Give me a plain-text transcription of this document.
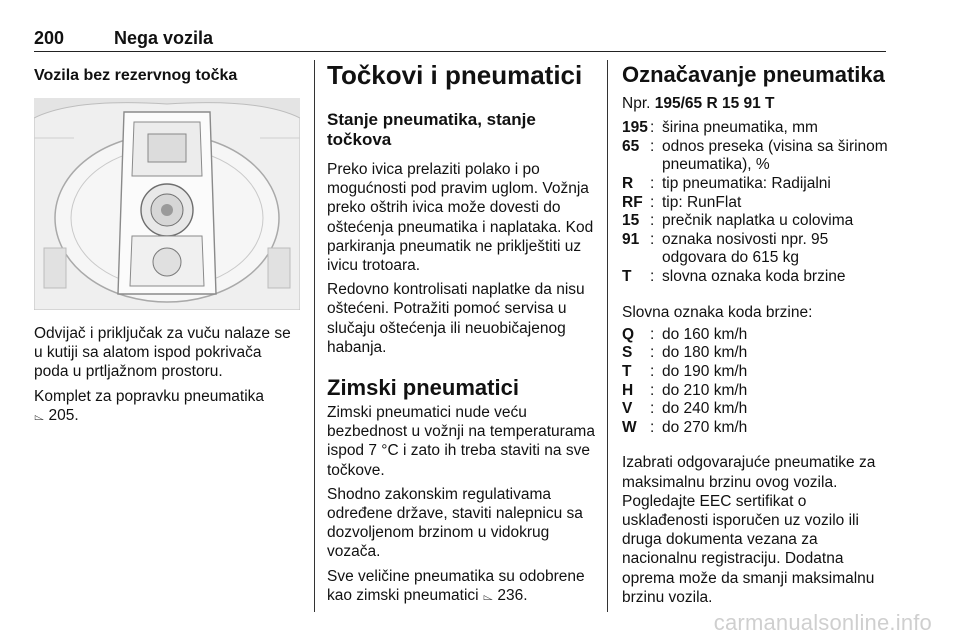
200	Nega vozila
Vozila bez rezervnog točka

Odvijač i priključak za vuču nalaze se u kutiji sa alatom ispod pokrivača poda u prtljažnom prostoru.

Komplet za popravku pneumatika
⌳ 205.

Točkovi i pneumatici
Stanje pneumatika, stanje točkova

Preko ivica prelaziti polako i po mogućnosti pod pravim uglom. Vožnja preko oštrih ivica može dovesti do oštećenja pneumatika i naplataka. Kod parkiranja pneumatik ne priklještiti uz ivicu trotoara.

Redovno kontrolisati naplatke da nisu oštećeni. Potražiti pomoć servisa u slučaju oštećenja ili neuobičajenog habanja.

Zimski pneumatici

Zimski pneumatici nude veću bezbednost u vožnji na temperaturama ispod 7 °C i zato ih treba staviti na sve točkove.

Shodno zakonskim regulativama određene države, staviti nalepnicu sa dozvoljenom brzinom u vidokrug vozača.

Sve veličine pneumatika su odobrene kao zimski pneumatici ⌳ 236.

Označavanje pneumatika

Npr. 195/65 R 15 91 T

195 : širina pneumatika, mm
65 : odnos preseka (visina sa širinom pneumatika), %
R	: tip pneumatika: Radijalni
RF : tip: RunFlat
15 : prečnik naplatka u colovima
91 : oznaka nosivosti npr. 95 odgovara do 615 kg
T	: slovna oznaka koda brzine

Slovna oznaka koda brzine:

Q	: do 160 km/h
S	: do 180 km/h
T	: do 190 km/h
H	: do 210 km/h
V	: do 240 km/h
W : do 270 km/h

Izabrati odgovarajuće pneumatike za maksimalnu brzinu ovog vozila. Pogledajte EEC sertifikat o usklađenosti isporučen uz vozilo ili druga dokumenta vezana za nacionalnu registraciju. Dodatna oprema može da smanji maksimalnu brzinu vozila.

carmanualsonline.info
